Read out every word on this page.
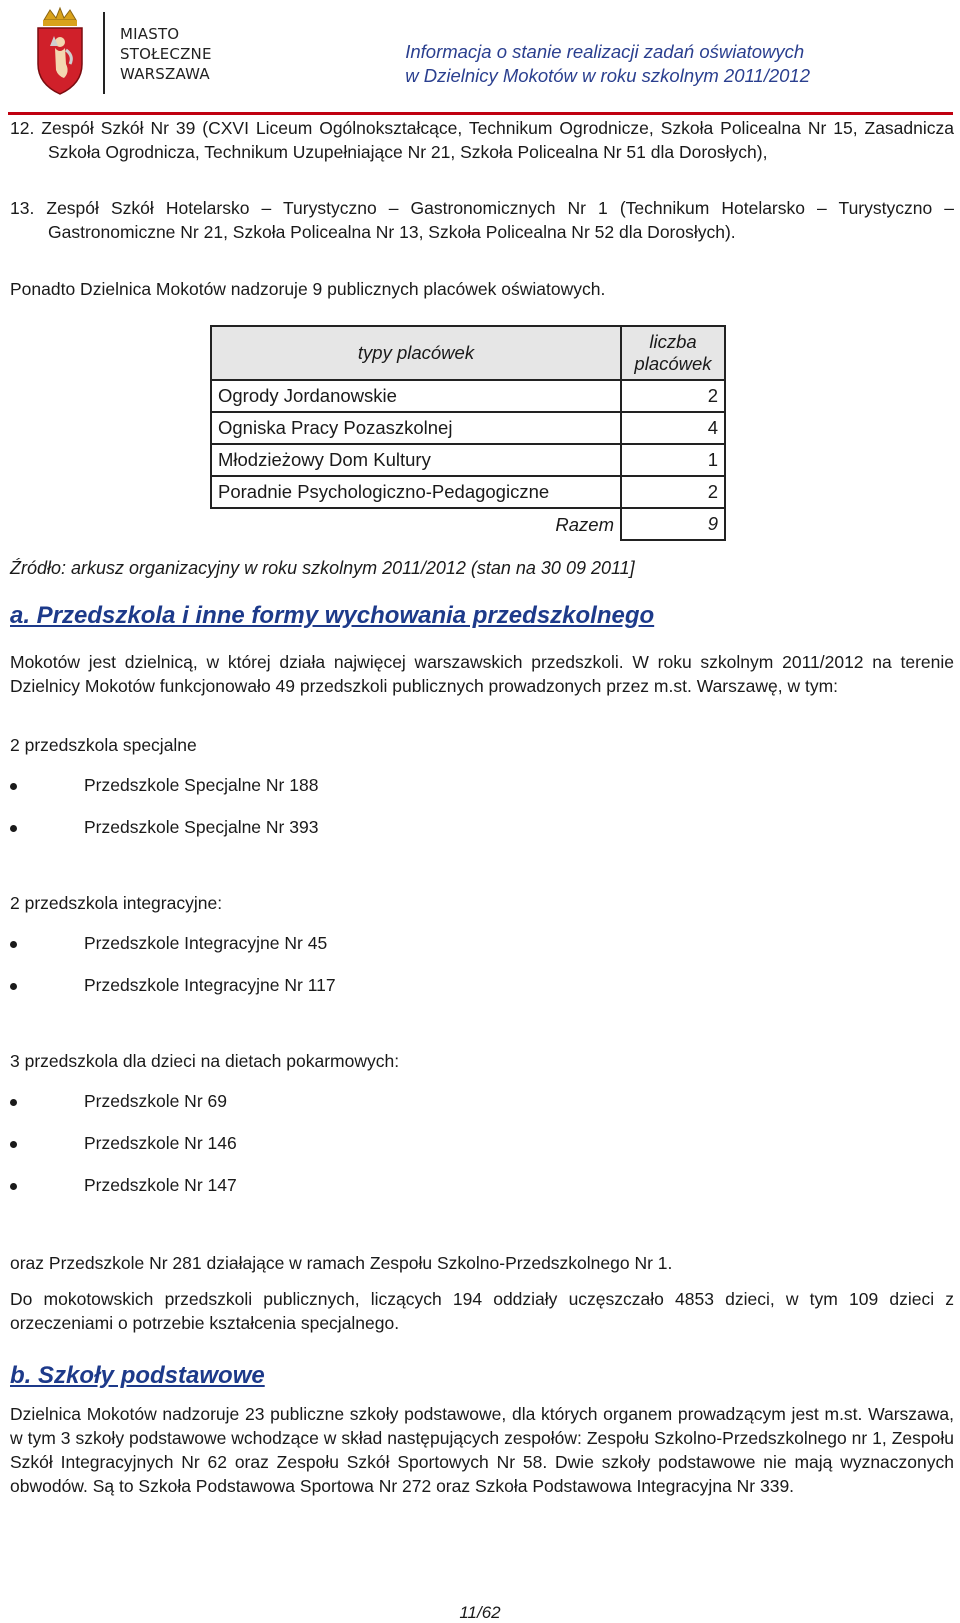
MIASTO
STOŁECZNE
WARSZAWA
Informacja o stanie realizacji zadań oświatowych
w Dzielnicy Mokotów w roku szkolnym 2011/2012
12. Zespół Szkół Nr 39 (CXVI Liceum Ogólnokształcące, Technikum Ogrodnicze, Szkoła Policealna Nr 15, Zasadnicza Szkoła Ogrodnicza, Technikum Uzupełniające Nr 21, Szkoła Policealna Nr 51 dla Dorosłych),
13. Zespół Szkół Hotelarsko – Turystyczno – Gastronomicznych Nr 1 (Technikum Hotelarsko – Turystyczno – Gastronomiczne Nr 21, Szkoła Policealna Nr 13, Szkoła Policealna Nr 52 dla Dorosłych).

Ponadto Dzielnica Mokotów nadzoruje 9 publicznych placówek oświatowych.

typy placówek	liczba
placówek
Ogrody Jordanowskie	2
Ogniska Pracy Pozaszkolnej	4
Młodzieżowy Dom Kultury	1
Poradnie Psychologiczno-Pedagogiczne	2
Razem	9

Źródło: arkusz organizacyjny w roku szkolnym 2011/2012 (stan na 30 09 2011]

a. Przedszkola i inne formy wychowania przedszkolnego

Mokotów jest dzielnicą, w której działa najwięcej warszawskich przedszkoli. W roku szkolnym 2011/2012 na terenie Dzielnicy Mokotów funkcjonowało 49 przedszkoli publicznych prowadzonych przez m.st. Warszawę, w tym:

2 przedszkola specjalne

Przedszkole Specjalne Nr 188

Przedszkole Specjalne Nr 393

2 przedszkola integracyjne:

Przedszkole Integracyjne Nr 45

Przedszkole Integracyjne Nr 117

3 przedszkola dla dzieci na dietach pokarmowych:

Przedszkole Nr 69

Przedszkole Nr 146

Przedszkole Nr 147

oraz Przedszkole Nr 281 działające w ramach Zespołu Szkolno-Przedszkolnego Nr 1.

Do mokotowskich przedszkoli publicznych, liczących 194 oddziały uczęszczało 4853 dzieci, w tym 109 dzieci z orzeczeniami o potrzebie kształcenia specjalnego.

b. Szkoły podstawowe

Dzielnica Mokotów nadzoruje 23 publiczne szkoły podstawowe, dla których organem prowadzącym jest m.st. Warszawa, w tym 3 szkoły podstawowe wchodzące w skład następujących zespołów: Zespołu Szkolno-Przedszkolnego nr 1, Zespołu Szkół Integracyjnych Nr 62 oraz Zespołu Szkół Sportowych Nr 58. Dwie szkoły podstawowe nie mają wyznaczonych obwodów. Są to Szkoła Podstawowa Sportowa Nr 272 oraz Szkoła Podstawowa Integracyjna Nr 339.

11/62
